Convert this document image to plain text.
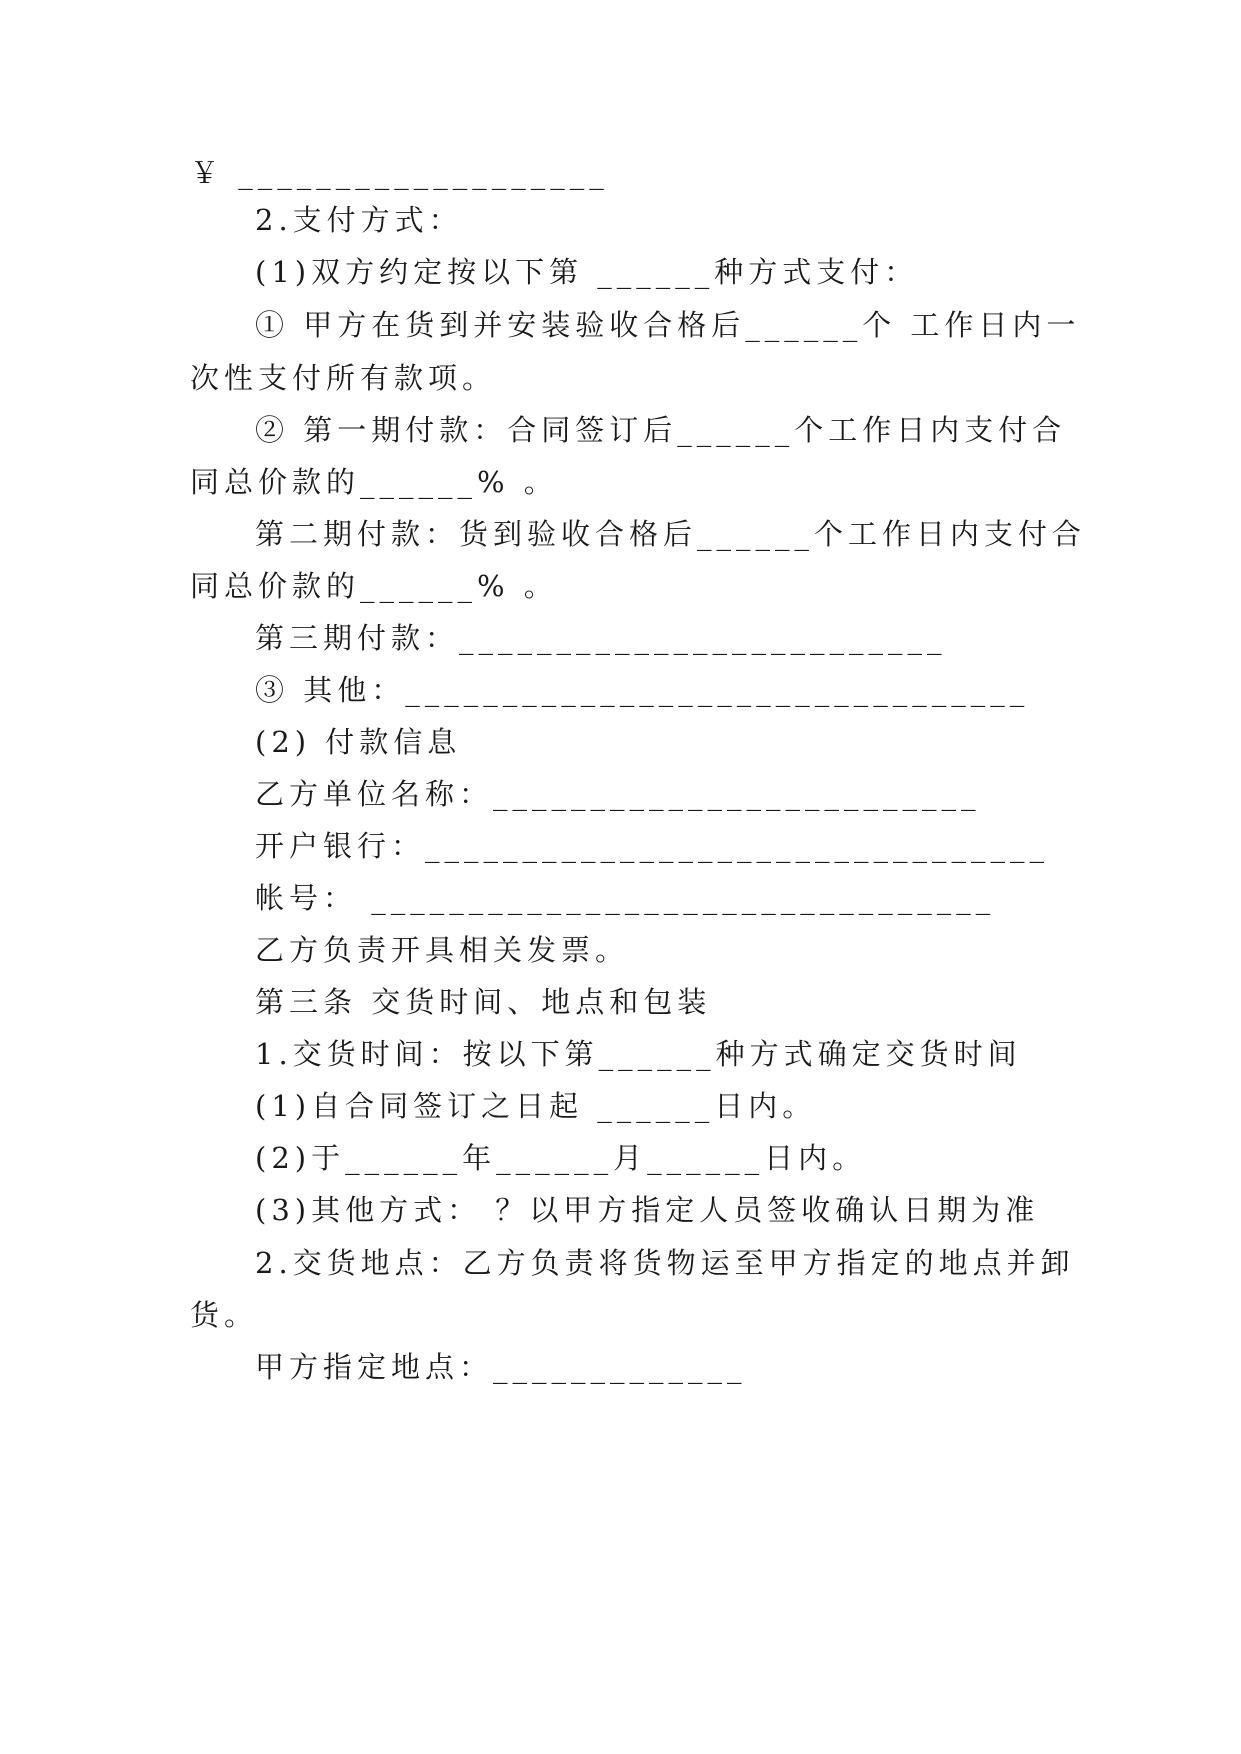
￥ ___________________
2.支付方式：
(1)双方约定按以下第 ______种方式支付：
① 甲方在货到并安装验收合格后______个 工作日内一
次性支付所有款项。
② 第一期付款：合同签订后______个工作日内支付合
同总价款的______% 。
第二期付款：货到验收合格后______个工作日内支付合
同总价款的______% 。
第三期付款：_________________________
③ 其他：________________________________
(2) 付款信息
乙方单位名称：_________________________
开户银行：________________________________
帐号： ________________________________
乙方负责开具相关发票。
第三条 交货时间、地点和包装
1.交货时间：按以下第______种方式确定交货时间
(1)自合同签订之日起 ______日内。
(2)于______年______月______日内。
(3)其他方式： ？以甲方指定人员签收确认日期为准
2.交货地点：乙方负责将货物运至甲方指定的地点并卸
货。
甲方指定地点：_____________
